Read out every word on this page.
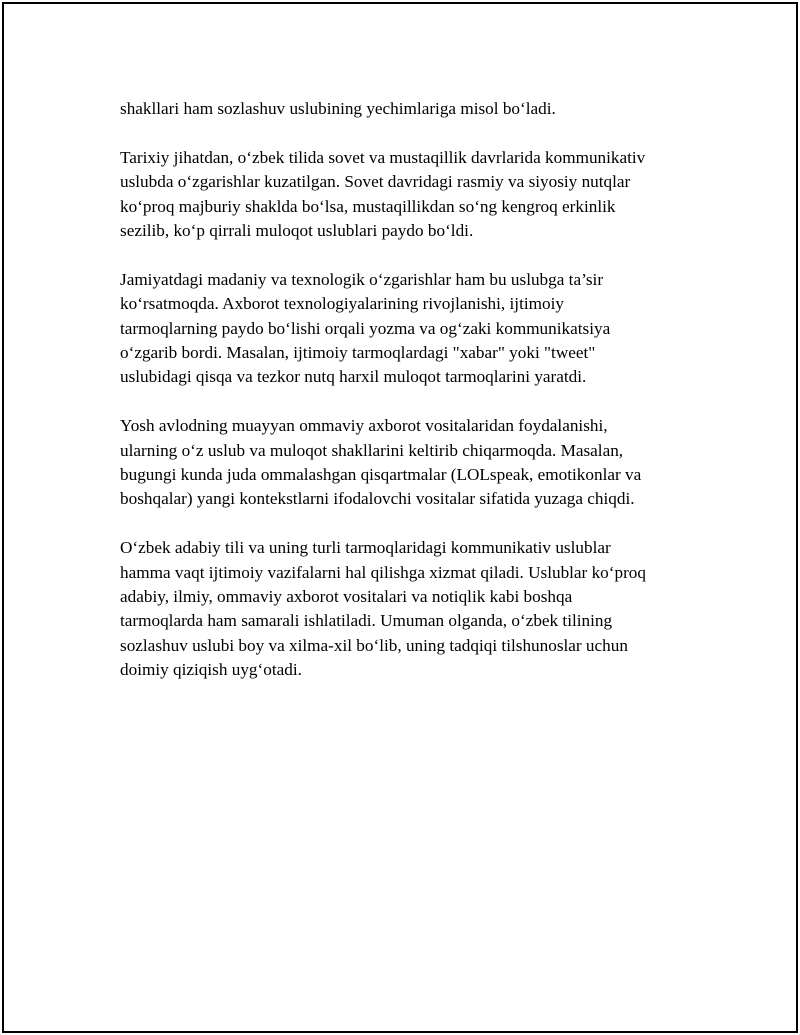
shakllari ham sozlashuv uslubining yechimlariga misol bo‘ladi.

Tarixiy jihatdan, o‘zbek tilida sovet va mustaqillik davrlarida kommunikativ
uslubda o‘zgarishlar kuzatilgan. Sovet davridagi rasmiy va siyosiy nutqlar
ko‘proq majburiy shaklda bo‘lsa, mustaqillikdan so‘ng kengroq erkinlik
sezilib, ko‘p qirrali muloqot uslublari paydo bo‘ldi.

Jamiyatdagi madaniy va texnologik o‘zgarishlar ham bu uslubga ta’sir
ko‘rsatmoqda. Axborot texnologiyalarining rivojlanishi, ijtimoiy
tarmoqlarning paydo bo‘lishi orqali yozma va og‘zaki kommunikatsiya
o‘zgarib bordi. Masalan, ijtimoiy tarmoqlardagi "xabar" yoki "tweet"
uslubidagi qisqa va tezkor nutq harxil muloqot tarmoqlarini yaratdi.

Yosh avlodning muayyan ommaviy axborot vositalaridan foydalanishi,
ularning o‘z uslub va muloqot shakllarini keltirib chiqarmoqda. Masalan,
bugungi kunda juda ommalashgan qisqartmalar (LOLspeak, emotikonlar va
boshqalar) yangi kontekstlarni ifodalovchi vositalar sifatida yuzaga chiqdi.

O‘zbek adabiy tili va uning turli tarmoqlaridagi kommunikativ uslublar
hamma vaqt ijtimoiy vazifalarni hal qilishga xizmat qiladi. Uslublar ko‘proq
adabiy, ilmiy, ommaviy axborot vositalari va notiqlik kabi boshqa
tarmoqlarda ham samarali ishlatiladi. Umuman olganda, o‘zbek tilining
sozlashuv uslubi boy va xilma-xil bo‘lib, uning tadqiqi tilshunoslar uchun
doimiy qiziqish uyg‘otadi.
